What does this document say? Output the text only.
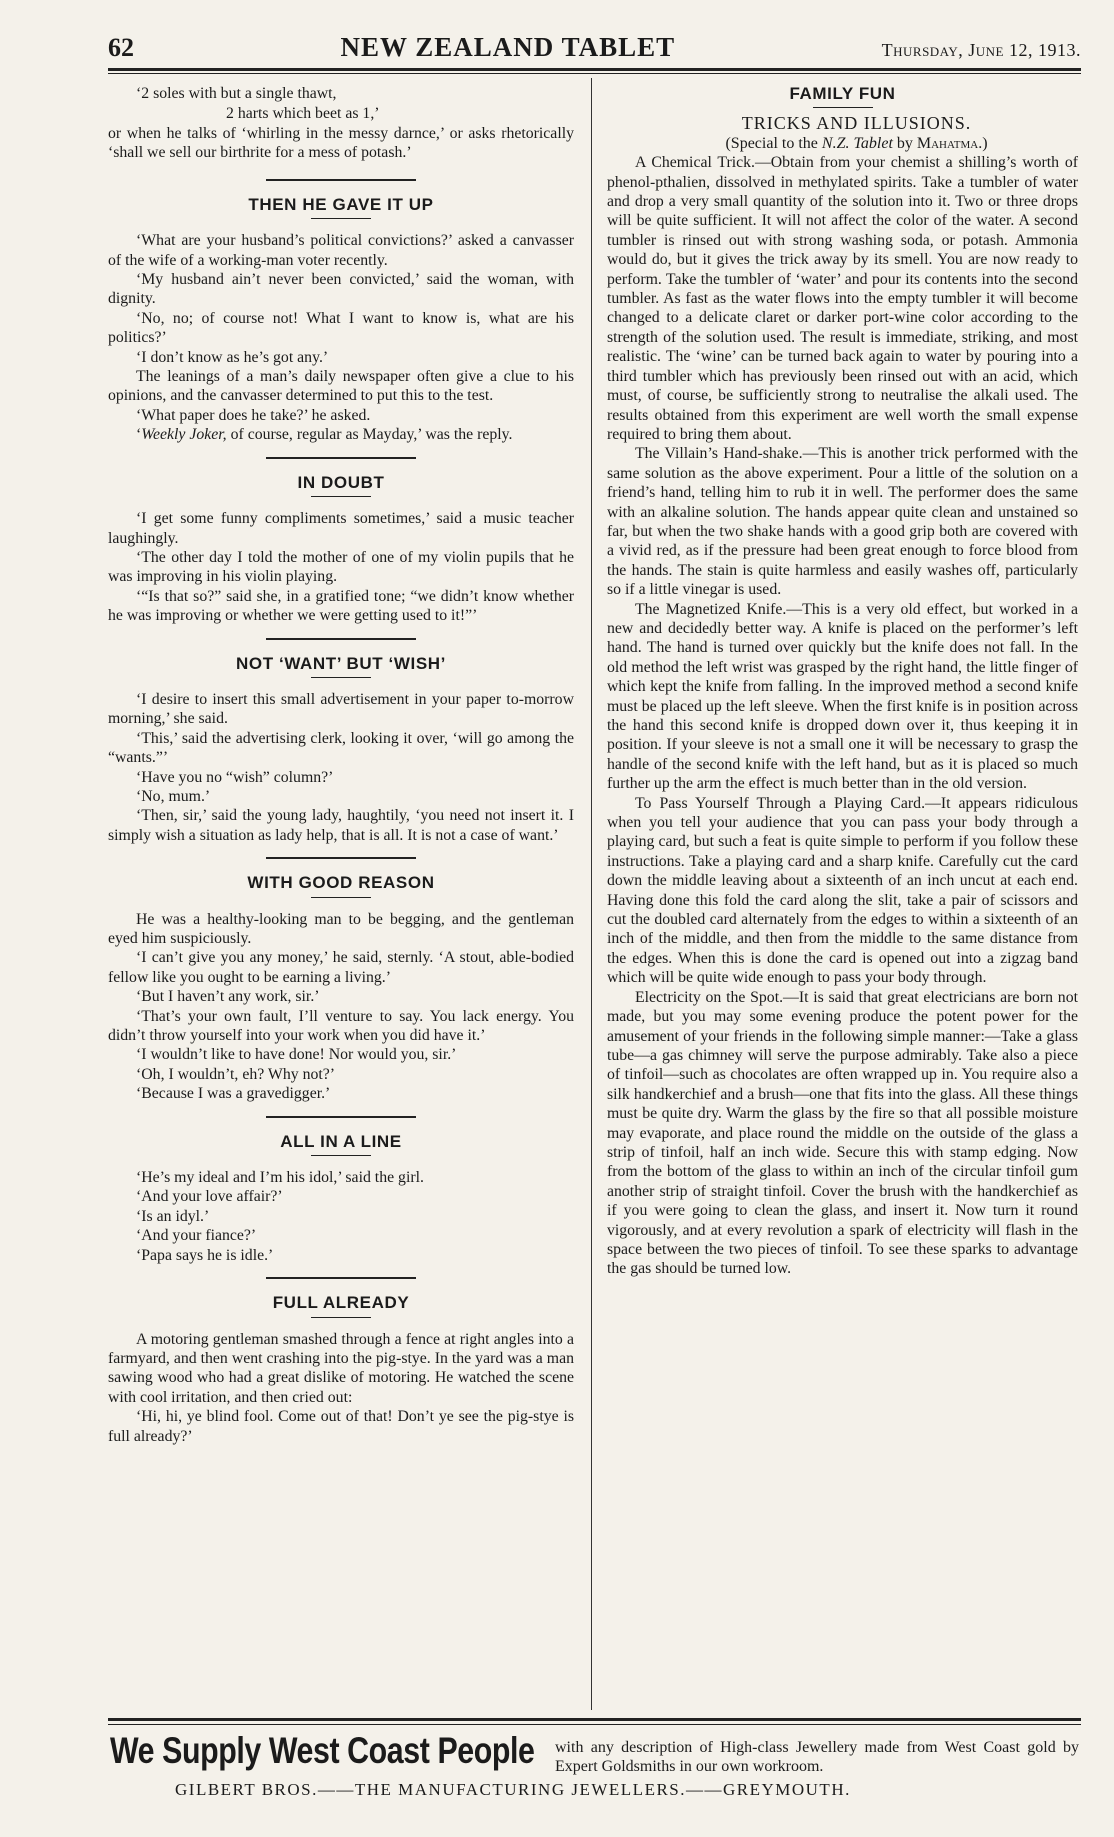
62	NEW ZEALAND TABLET	Thursday, June 12, 1913.

‘2 soles with but a single thawt,

2 harts which beet as 1,’

or when he talks of ‘whirling in the messy darnce,’ or asks rhetorically ‘shall we sell our birthrite for a mess of potash.’

THEN HE GAVE IT UP

‘What are your husband’s political convictions?’ asked a canvasser of the wife of a working-man voter recently.

‘My husband ain’t never been convicted,’ said the woman, with dignity.

‘No, no; of course not! What I want to know is, what are his politics?’

‘I don’t know as he’s got any.’

The leanings of a man’s daily newspaper often give a clue to his opinions, and the canvasser determined to put this to the test.

‘What paper does he take?’ he asked.

‘Weekly Joker, of course, regular as Mayday,’ was the reply.

IN DOUBT

‘I get some funny compliments sometimes,’ said a music teacher laughingly.

‘The other day I told the mother of one of my violin pupils that he was improving in his violin playing.

‘“Is that so?” said she, in a gratified tone; “we didn’t know whether he was improving or whether we were getting used to it!”’

NOT ‘WANT’ BUT ‘WISH’

‘I desire to insert this small advertisement in your paper to-morrow morning,’ she said.

‘This,’ said the advertising clerk, looking it over, ‘will go among the “wants.”’

‘Have you no “wish” column?’

‘No, mum.’

‘Then, sir,’ said the young lady, haughtily, ‘you need not insert it. I simply wish a situation as lady help, that is all. It is not a case of want.’

WITH GOOD REASON

He was a healthy-looking man to be begging, and the gentleman eyed him suspiciously.

‘I can’t give you any money,’ he said, sternly. ‘A stout, able-bodied fellow like you ought to be earning a living.’

‘But I haven’t any work, sir.’

‘That’s your own fault, I’ll venture to say. You lack energy. You didn’t throw yourself into your work when you did have it.’

‘I wouldn’t like to have done! Nor would you, sir.’

‘Oh, I wouldn’t, eh? Why not?’

‘Because I was a gravedigger.’

ALL IN A LINE

‘He’s my ideal and I’m his idol,’ said the girl.

‘And your love affair?’

‘Is an idyl.’

‘And your fiance?’

‘Papa says he is idle.’

FULL ALREADY

A motoring gentleman smashed through a fence at right angles into a farmyard, and then went crashing into the pig-stye. In the yard was a man sawing wood who had a great dislike of motoring. He watched the scene with cool irritation, and then cried out:

‘Hi, hi, ye blind fool. Come out of that! Don’t ye see the pig-stye is full already?’

FAMILY FUN

TRICKS AND ILLUSIONS.

(Special to the N.Z. Tablet by Mahatma.)

A Chemical Trick.—Obtain from your chemist a shilling’s worth of phenol-pthalien, dissolved in methylated spirits. Take a tumbler of water and drop a very small quantity of the solution into it. Two or three drops will be quite sufficient. It will not affect the color of the water. A second tumbler is rinsed out with strong washing soda, or potash. Ammonia would do, but it gives the trick away by its smell. You are now ready to perform. Take the tumbler of ‘water’ and pour its contents into the second tumbler. As fast as the water flows into the empty tumbler it will become changed to a delicate claret or darker port-wine color according to the strength of the solution used. The result is immediate, striking, and most realistic. The ‘wine’ can be turned back again to water by pouring into a third tumbler which has previously been rinsed out with an acid, which must, of course, be sufficiently strong to neutralise the alkali used. The results obtained from this experiment are well worth the small expense required to bring them about.

The Villain’s Hand-shake.—This is another trick performed with the same solution as the above experiment. Pour a little of the solution on a friend’s hand, telling him to rub it in well. The performer does the same with an alkaline solution. The hands appear quite clean and unstained so far, but when the two shake hands with a good grip both are covered with a vivid red, as if the pressure had been great enough to force blood from the hands. The stain is quite harmless and easily washes off, particularly so if a little vinegar is used.

The Magnetized Knife.—This is a very old effect, but worked in a new and decidedly better way. A knife is placed on the performer’s left hand. The hand is turned over quickly but the knife does not fall. In the old method the left wrist was grasped by the right hand, the little finger of which kept the knife from falling. In the improved method a second knife must be placed up the left sleeve. When the first knife is in position across the hand this second knife is dropped down over it, thus keeping it in position. If your sleeve is not a small one it will be necessary to grasp the handle of the second knife with the left hand, but as it is placed so much further up the arm the effect is much better than in the old version.

To Pass Yourself Through a Playing Card.—It appears ridiculous when you tell your audience that you can pass your body through a playing card, but such a feat is quite simple to perform if you follow these instructions. Take a playing card and a sharp knife. Carefully cut the card down the middle leaving about a sixteenth of an inch uncut at each end. Having done this fold the card along the slit, take a pair of scissors and cut the doubled card alternately from the edges to within a sixteenth of an inch of the middle, and then from the middle to the same distance from the edges. When this is done the card is opened out into a zigzag band which will be quite wide enough to pass your body through.

Electricity on the Spot.—It is said that great electricians are born not made, but you may some evening produce the potent power for the amusement of your friends in the following simple manner:—Take a glass tube—a gas chimney will serve the purpose admirably. Take also a piece of tinfoil—such as chocolates are often wrapped up in. You require also a silk handkerchief and a brush—one that fits into the glass. All these things must be quite dry. Warm the glass by the fire so that all possible moisture may evaporate, and place round the middle on the outside of the glass a strip of tinfoil, half an inch wide. Secure this with stamp edging. Now from the bottom of the glass to within an inch of the circular tinfoil gum another strip of straight tinfoil. Cover the brush with the handkerchief as if you were going to clean the glass, and insert it. Now turn it round vigorously, and at every revolution a spark of electricity will flash in the space between the two pieces of tinfoil. To see these sparks to advantage the gas should be turned low.

We Supply West Coast People with any description of High-class Jewellery made from West Coast gold by Expert Goldsmiths in our own workroom.
GILBERT BROS.——THE MANUFACTURING JEWELLERS.——GREYMOUTH.
